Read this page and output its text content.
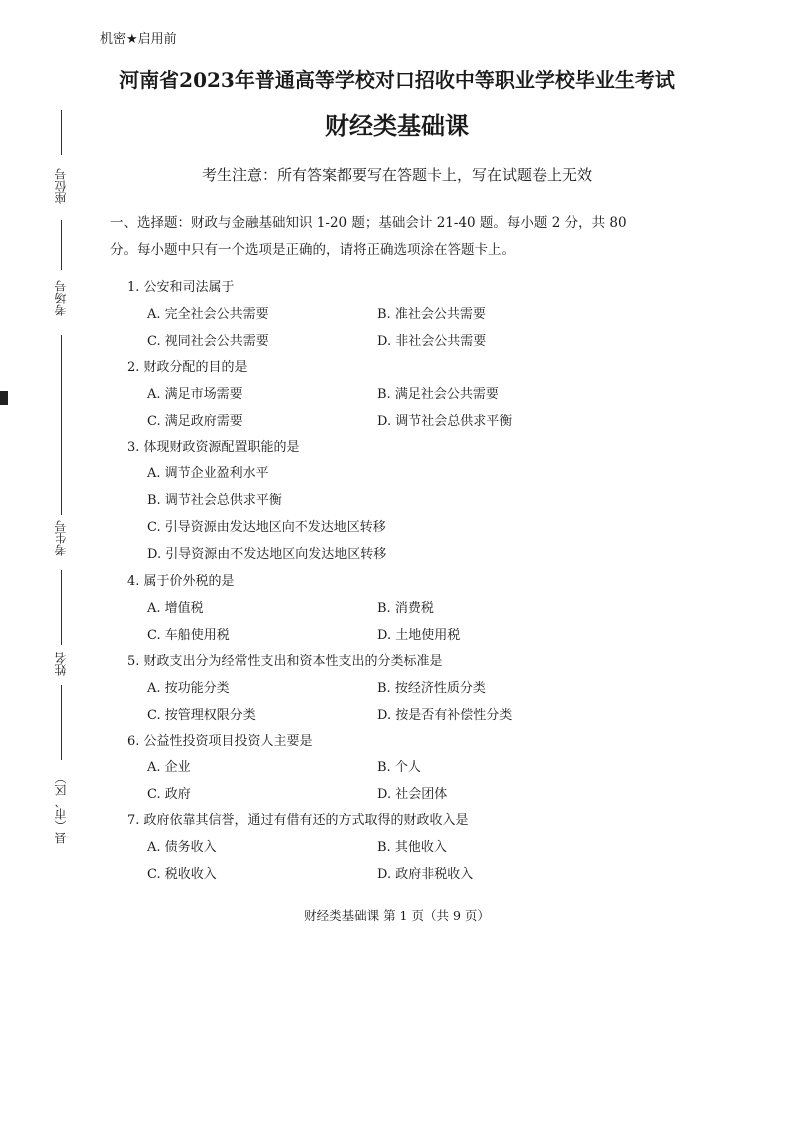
机密★启用前
河南省2023年普通高等学校对口招收中等职业学校毕业生考试
财经类基础课
考生注意：所有答案都要写在答题卡上，写在试题卷上无效

一、选择题：财政与金融基础知识 1-20 题；基础会计 21-40 题。每小题 2 分，共 80

分。每小题中只有一个选项是正确的，请将正确选项涂在答题卡上。

座位号
考场号
考生号
姓名
县（市、区）
1. 公安和司法属于
A. 完全社会公共需要	B. 准社会公共需要
C. 视同社会公共需要	D. 非社会公共需要
2. 财政分配的目的是
A. 满足市场需要	B. 满足社会公共需要
C. 满足政府需要	D. 调节社会总供求平衡
3. 体现财政资源配置职能的是
A. 调节企业盈利水平
B. 调节社会总供求平衡
C. 引导资源由发达地区向不发达地区转移
D. 引导资源由不发达地区向发达地区转移
4. 属于价外税的是
A. 增值税	B. 消费税
C. 车船使用税	D. 土地使用税
5. 财政支出分为经常性支出和资本性支出的分类标准是
A. 按功能分类	B. 按经济性质分类
C. 按管理权限分类	D. 按是否有补偿性分类
6. 公益性投资项目投资人主要是
A. 企业	B. 个人
C. 政府	D. 社会团体
7. 政府依靠其信誉，通过有借有还的方式取得的财政收入是
A. 债务收入	B. 其他收入
C. 税收收入	D. 政府非税收入
财经类基础课 第 1 页（共 9 页）
